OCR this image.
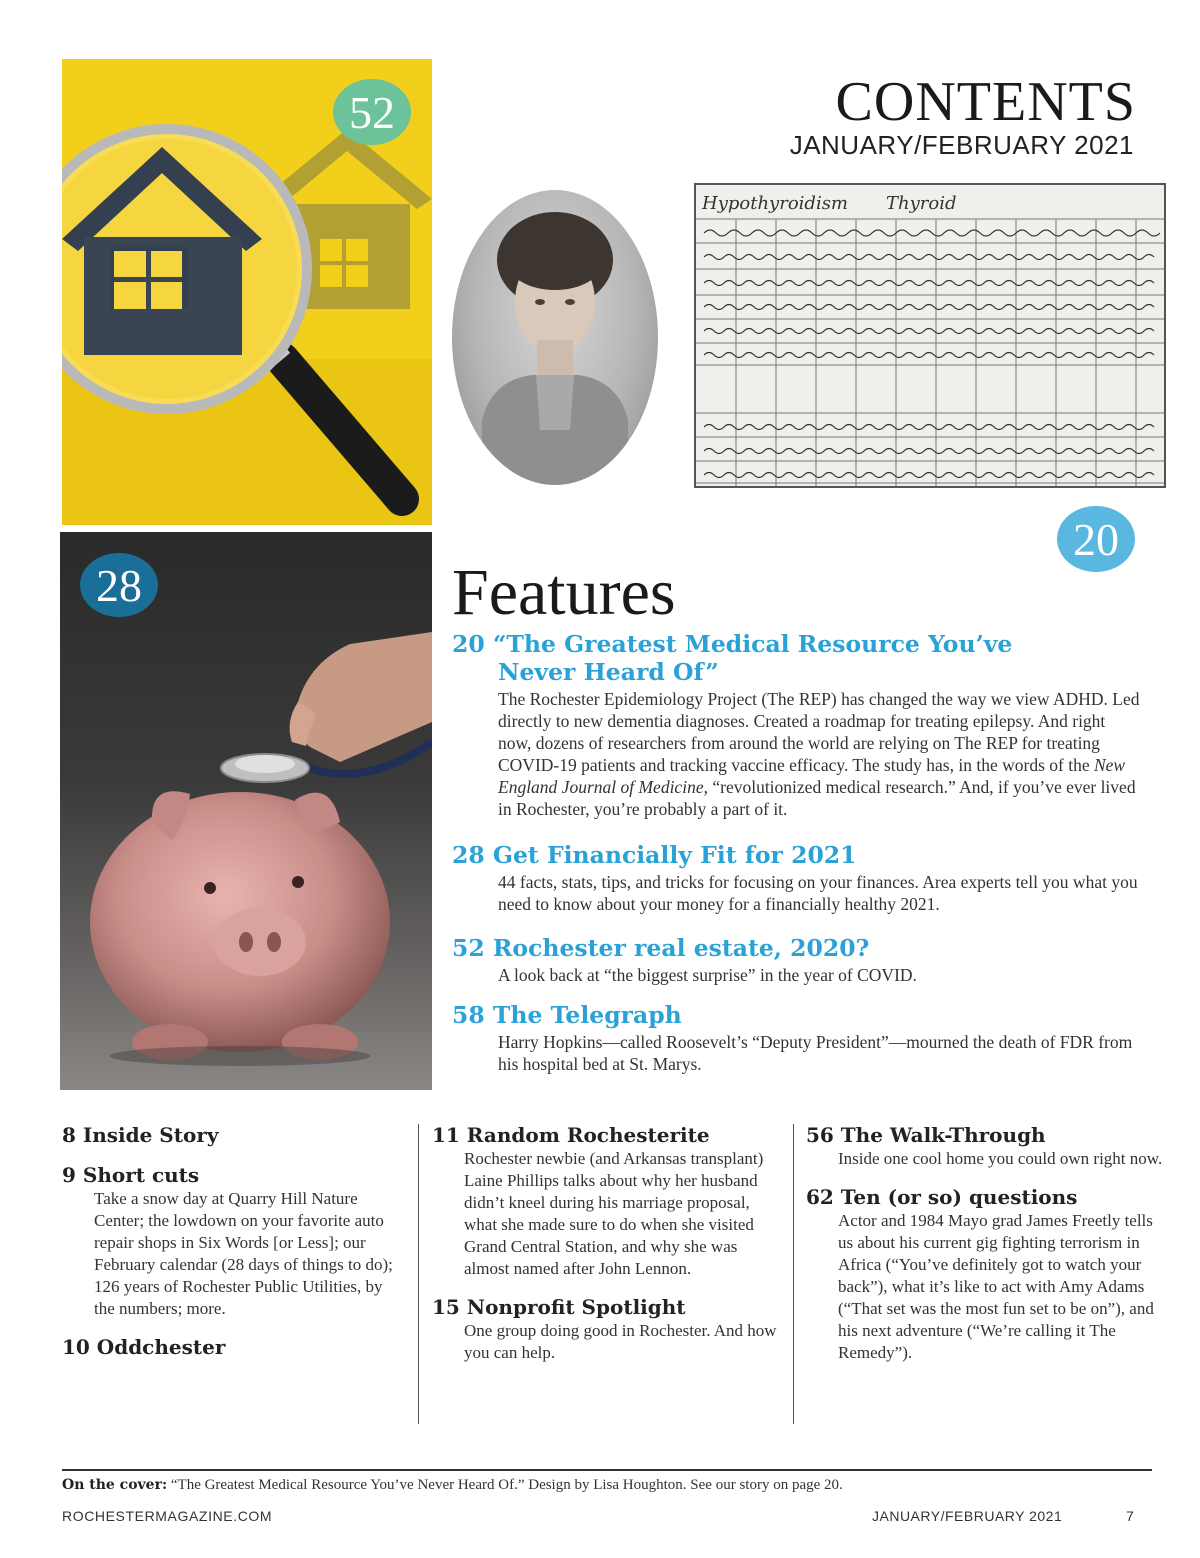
CONTENTS
JANUARY/FEBRUARY 2021
52
Hypothyroidism Thyroid
20
28	Features
20 “The Greatest Medical Resource You’ve
Never Heard Of”
The Rochester Epidemiology Project (The REP) has changed the way we view ADHD. Led directly to new dementia diagnoses. Created a roadmap for treating epilepsy. And right now, dozens of researchers from around the world are relying on The REP for treating COVID-19 patients and tracking vaccine efficacy. The study has, in the words of the New England Journal of Medicine, “revolutionized medical research.” And, if you’ve ever lived in Rochester, you’re probably a part of it.
28 Get Financially Fit for 2021
44 facts, stats, tips, and tricks for focusing on your finances. Area experts tell you what you need to know about your money for a financially healthy 2021.
52 Rochester real estate, 2020?
A look back at “the biggest surprise” in the year of COVID.
58 The Telegraph
Harry Hopkins—called Roosevelt’s “Deputy President”—mourned the death of FDR from his hospital bed at St. Marys.
8 Inside Story
9 Short cuts
Take a snow day at Quarry Hill Nature Center; the lowdown on your favorite auto repair shops in Six Words [or Less]; our February calendar (28 days of things to do); 126 years of Rochester Public Utilities, by the numbers; more.
10 Oddchester
11 Random Rochesterite
Rochester newbie (and Arkansas transplant) Laine Phillips talks about why her husband didn’t kneel during his marriage proposal, what she made sure to do when she visited Grand Central Station, and why she was almost named after John Lennon.
15 Nonprofit Spotlight
One group doing good in Rochester. And how you can help.
56 The Walk-Through
Inside one cool home you could own right now.
62 Ten (or so) questions
Actor and 1984 Mayo grad James Freetly tells us about his current gig fighting terrorism in Africa (“You’ve definitely got to watch your back”), what it’s like to act with Amy Adams (“That set was the most fun set to be on”), and his next adventure (“We’re calling it The Remedy”).
On the cover: “The Greatest Medical Resource You’ve Never Heard Of.” Design by Lisa Houghton. See our story on page 20.
ROCHESTERMAGAZINE.COM	JANUARY/FEBRUARY 2021	7
